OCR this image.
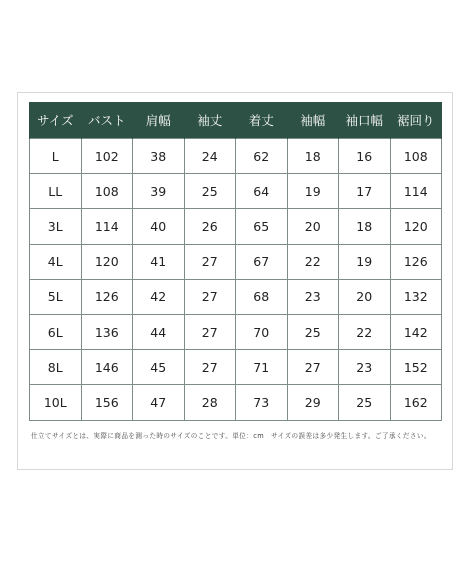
サイズ	バスト	肩幅	袖丈	着丈	袖幅	袖口幅	裾回り
L	102	38	24	62	18	16	108
LL	108	39	25	64	19	17	114
3L	114	40	26	65	20	18	120
4L	120	41	27	67	22	19	126
5L	126	42	27	68	23	20	132
6L	136	44	27	70	25	22	142
8L	146	45	27	71	27	23	152
10L	156	47	28	73	29	25	162

仕立てサイズとは、実際に商品を測った時のサイズのことです。単位：cm　サイズの誤差は多少発生します。ご了承ください。
